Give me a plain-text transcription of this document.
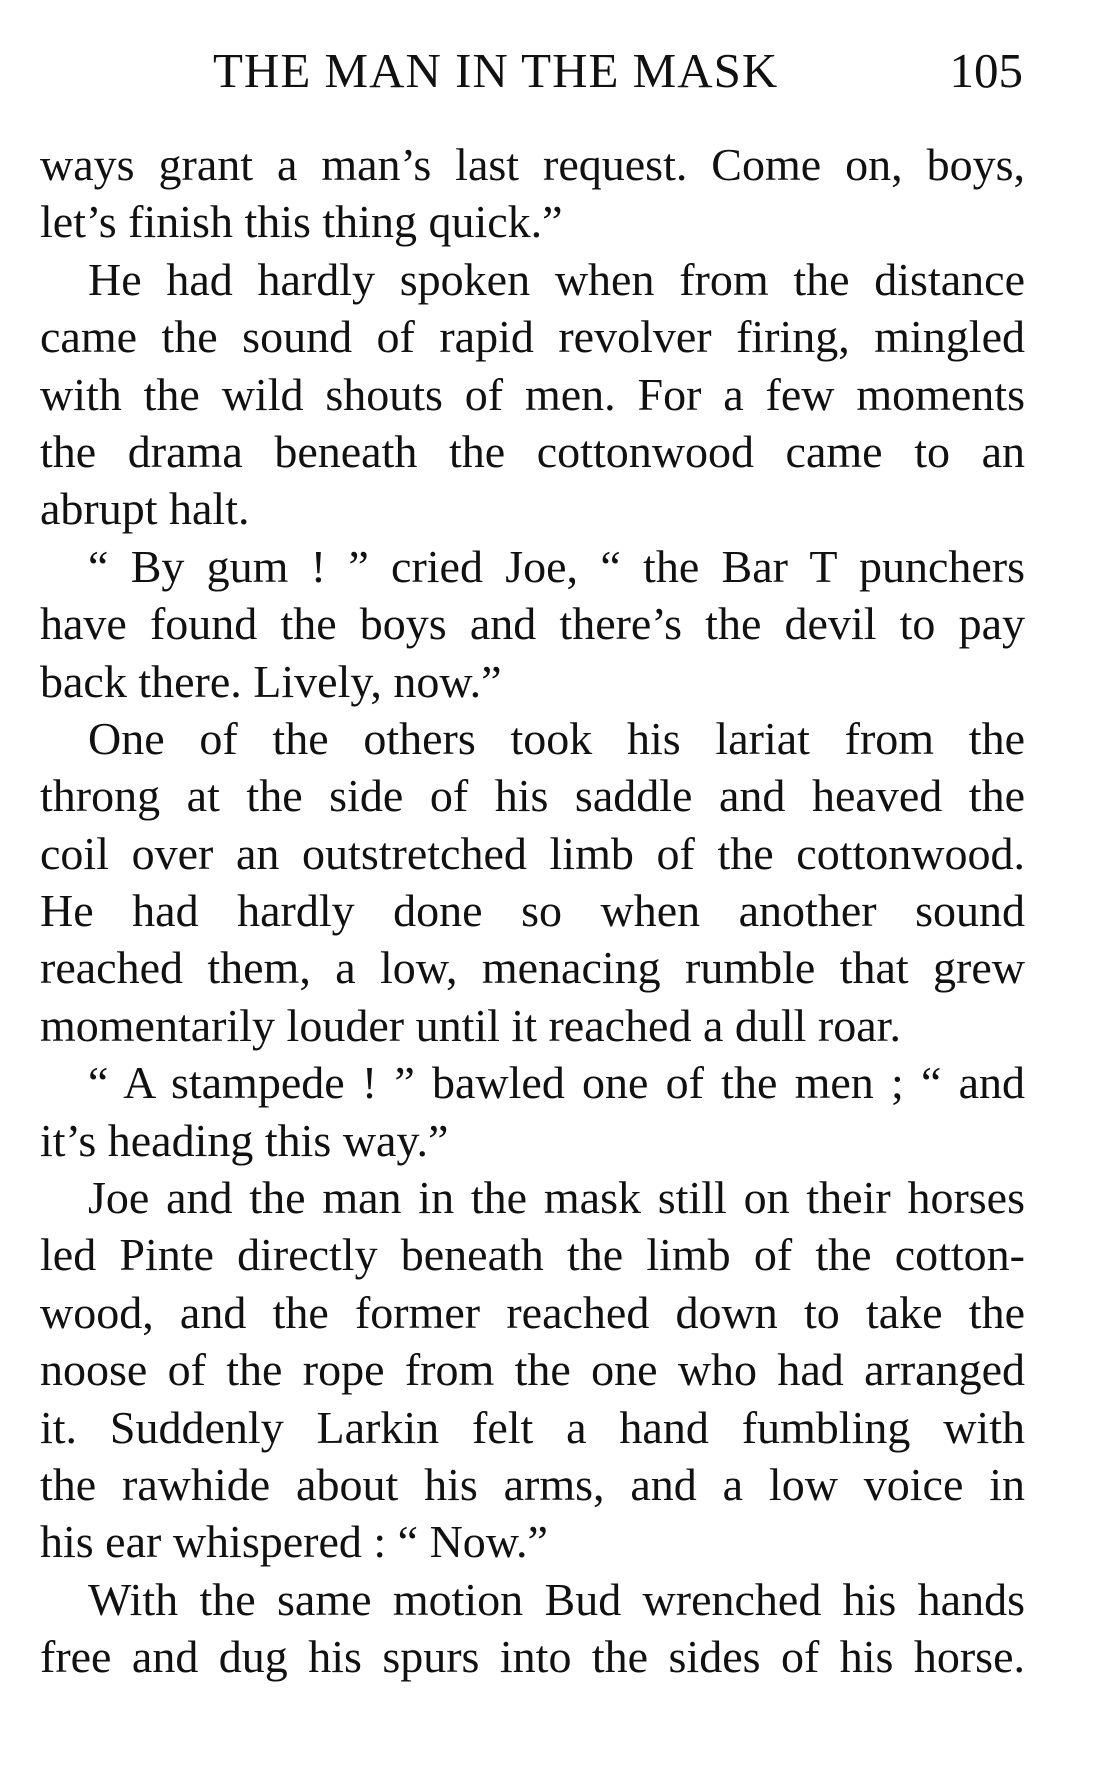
THE MAN IN THE MASK	105
ways grant a man’s last request. Come on, boys,
let’s finish this thing quick.”
He had hardly spoken when from the distance
came the sound of rapid revolver firing, mingled
with the wild shouts of men. For a few moments
the drama beneath the cottonwood came to an
abrupt halt.
“ By gum ! ” cried Joe, “ the Bar T punchers
have found the boys and there’s the devil to pay
back there. Lively, now.”
One of the others took his lariat from the
throng at the side of his saddle and heaved the
coil over an outstretched limb of the cottonwood.
He had hardly done so when another sound
reached them, a low, menacing rumble that grew
momentarily louder until it reached a dull roar.
“ A stampede ! ” bawled one of the men ; “ and
it’s heading this way.”
Joe and the man in the mask still on their horses
led Pinte directly beneath the limb of the cotton-
wood, and the former reached down to take the
noose of the rope from the one who had arranged
it. Suddenly Larkin felt a hand fumbling with
the rawhide about his arms, and a low voice in
his ear whispered : “ Now.”
With the same motion Bud wrenched his hands
free and dug his spurs into the sides of his horse.
